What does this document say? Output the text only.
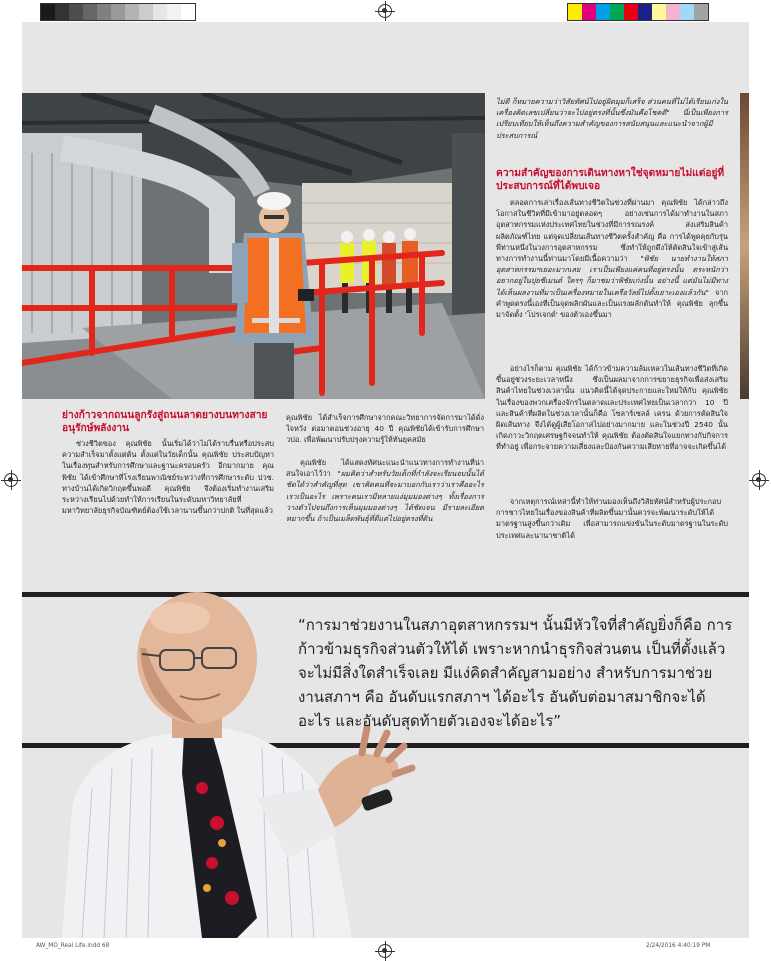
ไม่ดี ก็หมายความว่าวิสัยทัศน์ไปอยู่ผิดมุมก็เสร็จ ส่วนคนที่ไม่ได้เรียนเก่งในเครื่องคิดเลขเปลี่ยนว่าจะไปอยู่ตรงที่นั้นซึ่งมันคือโชคดี" นี่เป็นเพียงการเปรียบเทียบให้เห็นถึงความสำคัญของการสนับสนุนและแนะนำจากผู้มีประสบการณ์

ความสำคัญของการเดินทางหาใช่จุดหมายไม่แต่อยู่ที่ประสบการณ์ที่ได้พบเจอ

ตลอดการเล่าเรื่องเส้นทางชีวิตในช่วงที่ผ่านมา คุณพิชัย ได้กล่าวถึงโอกาสในชีวิตที่มีเข้ามาอยู่ตลอดๆ อย่างเช่นการได้มาทำงานในสภาอุตสาหกรรมแห่งประเทศไทยในช่วงที่มีการรณรงค์ ส่งเสริมสินค้าผลิตภัณฑ์ไทย แต่จุดเปลี่ยนเส้นทางชีวิตครั้งสำคัญ คือ การได้พูดคุยกับรุ่นพี่ท่านหนึ่งในวงการอุตสาหกรรม ซึ่งทำให้ถูกดึงให้ตัดสินใจเข้าสู่เส้นทางการทำงานนี้ท่านมาโดยมีเนื้อความว่า "พิชัย นายทำงานให้สภาอุตสาหกรรมฯเยอะมากเลย เราเป็นเพียงแค่คนที่อยู่ตรงนั้น ตระหนักว่าอยากอยู่ในปุยซีเมนต์ ใครๆ ก็มาชมว่าพิชัยเก่งนั้น อย่างนี้ แต่มันไม่มีทางได้เห็นผลงานที่มาเป็นเครื่องหมายในเครือวัลย์ไปตั้งเยาะเองแล้วกัน" จากคำพูดตรงนี้เองที่เป็นจุดพลิกผันและเป็นแรงผลักดันทำให้ คุณพิชัย ลุกขึ้นมาจัดตั้ง 'โปรเจกต์' ของตัวเองขึ้นมา

อย่างไรก็ตาม คุณพิชัย ได้ก้าวข้ามความล้มเหลวในเส้นทางชีวิตที่เกิดขึ้นอยู่ช่วงระยะเวลาหนึ่ง ซึ่งเป็นผลมาจากการขยายธุรกิจเพื่อส่งเสริมสินค้าไทยในช่วงเวลานั้น แนวคิดนี้ได้จุดประกายและใหม่ให้กับ คุณพิชัย ในเรื่องของพวกเครื่องจักรในตลาดและประเทศไทยเป็นเวลากว่า 10 ปี และสินค้าที่ผลิตในช่วงเวลานั้นก็คือ โซลาร์เซลล์ เครน ด้วยการตัดสินใจผิดเส้นทาง จึงได้ดูผู้เสียโอกาสไปอย่างมากมาย และในช่วงปี 2540 นั้นเกิดภาวะวิกฤตเศรษฐกิจจนทำให้ คุณพิชัย ต้องตัดสินใจแยกทางกับกิจการที่ทำอยู่ เพื่อกระจายความเสี่ยงและป้องกันความเสียหายที่อาจจะเกิดขึ้นได้

จากเหตุการณ์เหล่านี้ทำให้ท่านมองเห็นถึงวิสัยทัศน์สำหรับผู้ประกอบการชาวไทยในเรื่องของสินค้าที่ผลิตขึ้นมานั้นควรจะพัฒนาระดับให้ได้มาตรฐานสูงขึ้นกว่าเดิม เพื่อสามารถแข่งขันในระดับมาตรฐานในระดับประเทศและนานาชาติได้

ย่างก้าวจากถนนลูกรังสู่ถนนลาดยางบนทางสายอนุรักษ์พลังงาน

ช่วงชีวิตของ คุณพิชัย นั้นเริ่มได้ว่าไม่ได้ราบรื่นหรือประสบความสำเร็จมาตั้งแต่ต้น ตั้งแต่ในวัยเด็กนั้น คุณพิชัย ประสบปัญหาในเรื่องทุนสำหรับการศึกษาและฐานะครอบครัว อีกมากมาย คุณพิชัย ได้เข้าศึกษาที่โรงเรียนพาณิชย์ระหว่างที่การศึกษาระดับ ปวช. ทางบ้านได้เกิดวิกฤตขึ้นพอดี คุณพิชัย จึงต้องเริ่มทำงานเสริมระหว่างเรียนไปด้วยทำให้การเรียนในระดับมหาวิทยาลัยที่มหาวิทยาลัยธุรกิจบัณฑิตย์ต้องใช้เวลานานขึ้นกว่าปกติ ในที่สุดแล้ว

คุณพิชัย ได้สำเร็จการศึกษาจากคณะวิทยาการจัดการมาได้ดั่งใจหวัง ต่อมาตอนช่วงอายุ 40 ปี คุณพิชัยได้เข้ารับการศึกษา วปอ. เพื่อพัฒนาปรับปรุงความรู้ให้ทันยุคสมัย

คุณพิชัย ได้แสดงทัศนะแนะนำแนวทางการทำงานที่น่าสนใจเอาไว้ว่า "ผมคิดว่าสำหรับวัยเด็กที่กำลังจะเรียนจบนั้นได้ชัดได้ว่าสำคัญที่สุด เขาคิดคนที่จะมาบอกกับเราว่าเราคืออะไร เราเป็นอะไร เพราะคนเรามีหลายแง่มุมมองต่างๆ ทั้งเรื่องการวางตัวไปจนถึงการเห็นมุมมองต่างๆ ได้ชัดเจน มีรายละเอียดหมากขึ้น ถ้าเป็นเมล็ดพันธุ์ที่ดีแต่ไปอยู่ตรงที่ดิน

“การมาช่วยงานในสภาอุตสาหกรรมฯ นั้นมีหัวใจที่สำคัญยิ่งก็คือ การก้าวข้ามธุรกิจส่วนตัวให้ได้ เพราะหากนำธุรกิจส่วนตน เป็นที่ตั้งแล้วจะไม่มีสิ่งใดสำเร็จเลย มีแง่คิดสำคัญสามอย่าง สำหรับการมาช่วยงานสภาฯ คือ อันดับแรกสภาฯ ได้อะไร อันดับต่อมาสมาชิกจะได้อะไร และอันดับสุดท้ายตัวเองจะได้อะไร”

AW_MO_Real Life.indd 68	2/24/2016 4:40:19 PM
